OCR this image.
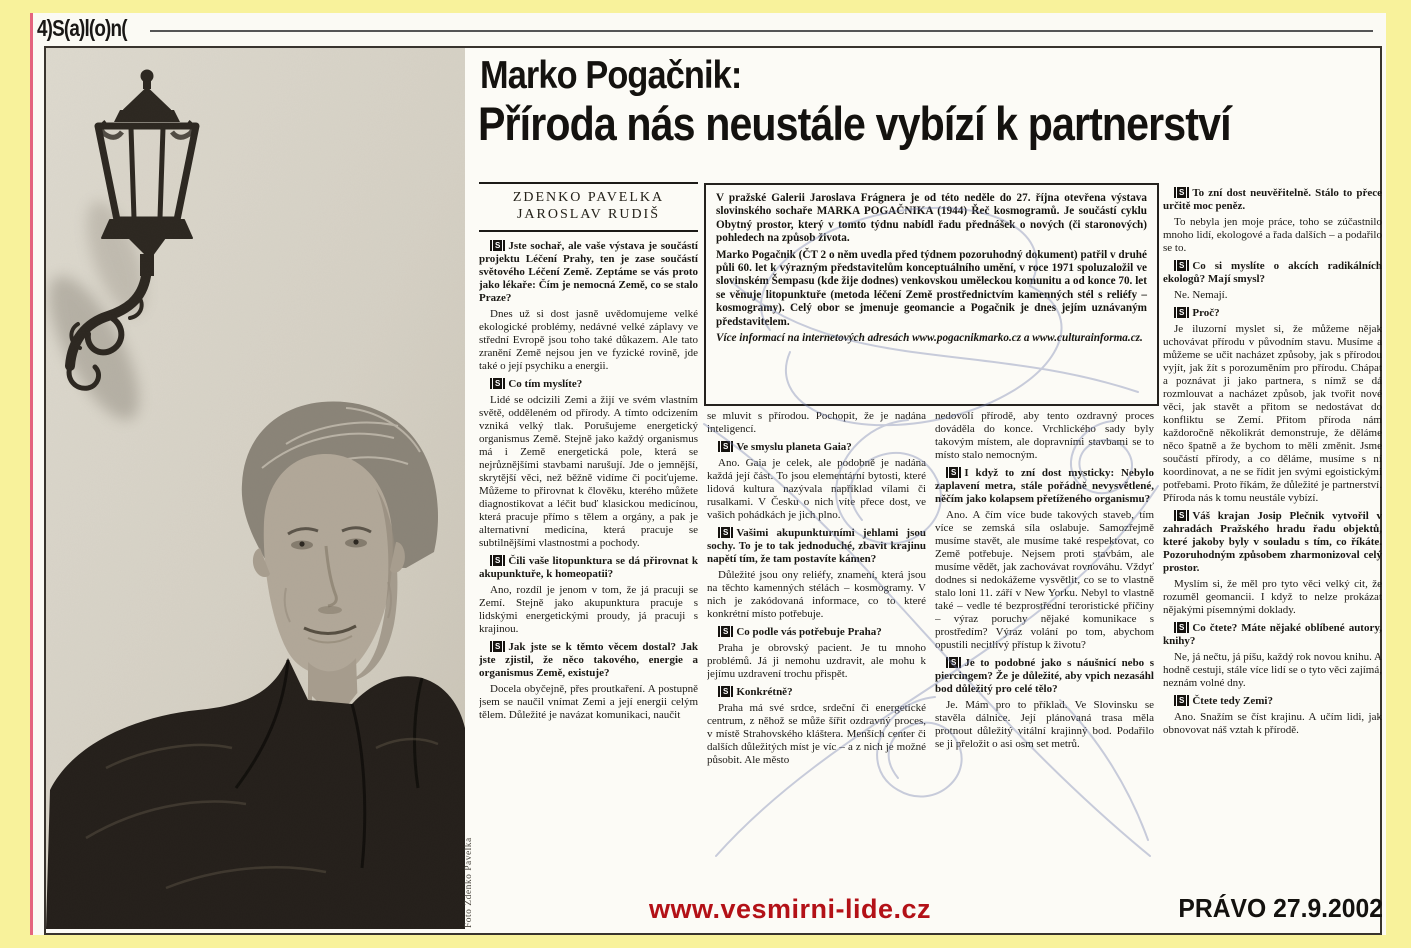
4)S(a)l(o)n(
Foto Zdenko Pavelka
Marko Pogačnik:
Příroda nás neustále vybízí k partnerství
ZDENKO PAVELKA
JAROSLAV RUDIŠ

S Jste sochař, ale vaše výstava je součástí projektu Léčení Prahy, ten je zase součástí světového Léčení Země. Zeptáme se vás proto jako lékaře: Čím je nemocná Země, co se stalo Praze?

Dnes už si dost jasně uvědomujeme velké ekologické problémy, nedávné velké záplavy ve střední Evropě jsou toho také důkazem. Ale tato zranění Země nejsou jen ve fyzické rovině, jde také o její psychiku a energii.

S Co tím myslíte?

Lidé se odcizili Zemi a žijí ve svém vlastním světě, odděleném od přírody. A tímto odcizením vzniká velký tlak. Porušujeme energetický organismus Země. Stejně jako každý organismus má i Země energetická pole, která se nejrůznějšími stavbami narušují. Jde o jemnější, skrytější věci, než běžně vidíme či pociťujeme. Můžeme to přirovnat k člověku, kterého můžete diagnostikovat a léčit buď klasickou medicínou, která pracuje přímo s tělem a orgány, a pak je alternativní medicína, která pracuje se subtilnějšími vlastnostmi a pochody.

S Čili vaše litopunktura se dá přirovnat k akupunktuře, k homeopatii?

Ano, rozdíl je jenom v tom, že já pracuji se Zemí. Stejně jako akupunktura pracuje s lidskými energetickými proudy, já pracuji s krajinou.

S Jak jste se k těmto věcem dostal? Jak jste zjistil, že něco takového, energie a organismus Země, existuje?

Docela obyčejně, přes proutkaření. A postupně jsem se naučil vnímat Zemi a její energii celým tělem. Důležité je navázat komunikaci, naučit

V pražské Galerii Jaroslava Frágnera je od této neděle do 27. října otevřena výstava slovinského sochaře MARKA POGAČNIKA (1944) Řeč kosmogramů. Je součástí cyklu Obytný prostor, který v tomto týdnu nabídl řadu přednášek o nových (či staronových) pohledech na způsob života.

Marko Pogačnik (ČT 2 o něm uvedla před týdnem pozoruhodný dokument) patřil v druhé půli 60. let k výrazným představitelům konceptuálního umění, v roce 1971 spoluzaložil ve slovinském Šempasu (kde žije dodnes) venkovskou uměleckou komunitu a od konce 70. let se věnuje litopunktuře (metoda léčení Země prostřednictvím kamenných stél s reliéfy – kosmogramy). Celý obor se jmenuje geomancie a Pogačnik je dnes jejím uznávaným představitelem.

Více informací na internetových adresách www.pogacnikmarko.cz a www.culturainforma.cz.

se mluvit s přírodou. Pochopit, že je nadána inteligencí.

S Ve smyslu planeta Gaia?

Ano. Gaia je celek, ale podobně je nadána každá její část. To jsou elementární bytosti, které lidová kultura nazývala například vílami či rusalkami. V Česku o nich víte přece dost, ve vašich pohádkách je jich plno.

S Vašimi akupunkturními jehlami jsou sochy. To je to tak jednoduché, zbavit krajinu napětí tím, že tam postavíte kámen?

Důležité jsou ony reliéfy, znamení, která jsou na těchto kamenných stélách – kosmogramy. V nich je zakódovaná informace, co to které konkrétní místo potřebuje.

S Co podle vás potřebuje Praha?

Praha je obrovský pacient. Je tu mnoho problémů. Já ji nemohu uzdravit, ale mohu k jejímu uzdravení trochu přispět.

S Konkrétně?

Praha má své srdce, srdeční či energetické centrum, z něhož se může šířit ozdravný proces, v místě Strahovského kláštera. Menších center či dalších důležitých míst je víc – a z nich je možné působit. Ale město

nedovolí přírodě, aby tento ozdravný proces dováděla do konce. Vrchlického sady byly takovým místem, ale dopravními stavbami se to místo stalo nemocným.

S I když to zní dost mysticky: Nebylo zaplavení metra, stále pořádně nevysvětlené, něčím jako kolapsem přetíženého organismu?

Ano. A čím více bude takových staveb, tím více se zemská síla oslabuje. Samozřejmě musíme stavět, ale musíme také respektovat, co Země potřebuje. Nejsem proti stavbám, ale musíme vědět, jak zachovávat rovnováhu. Vždyť dodnes si nedokážeme vysvětlit, co se to vlastně stalo loni 11. září v New Yorku. Nebyl to vlastně také – vedle té bezprostřední teroristické příčiny – výraz poruchy nějaké komunikace s prostředím? Výraz volání po tom, abychom opustili necitlivý přístup k životu?

S Je to podobné jako s náušnicí nebo s piercingem? Že je důležité, aby vpich nezasáhl bod důležitý pro celé tělo?

Je. Mám pro to příklad. Ve Slovinsku se stavěla dálnice. Její plánovaná trasa měla protnout důležitý vitální krajinný bod. Podařilo se ji přeložit o asi osm set metrů.

S To zní dost neuvěřitelně. Stálo to přece určitě moc peněz.

To nebyla jen moje práce, toho se zúčastnilo mnoho lidí, ekologové a řada dalších – a podařilo se to.

S Co si myslíte o akcích radikálních ekologů? Mají smysl?

Ne. Nemají.

S Proč?

Je iluzorní myslet si, že můžeme nějak uchovávat přírodu v původním stavu. Musíme a můžeme se učit nacházet způsoby, jak s přírodou vyjít, jak žít s porozuměním pro přírodu. Chápat a poznávat ji jako partnera, s nímž se dá rozmlouvat a nacházet způsob, jak tvořit nové věci, jak stavět a přitom se nedostávat do konfliktu se Zemí. Přitom příroda nám každoročně několikrát demonstruje, že děláme něco špatně a že bychom to měli změnit. Jsme součástí přírody, a co děláme, musíme s ní koordinovat, a ne se řídit jen svými egoistickými potřebami. Proto říkám, že důležité je partnerství. Příroda nás k tomu neustále vybízí.

S Váš krajan Josip Plečnik vytvořil v zahradách Pražského hradu řadu objektů, které jakoby byly v souladu s tím, co říkáte. Pozoruhodným způsobem zharmonizoval celý prostor.

Myslím si, že měl pro tyto věci velký cit, že rozuměl geomancii. I když to nelze prokázat nějakými písemnými doklady.

S Co čtete? Máte nějaké oblíbené autory, knihy?

Ne, já nečtu, já píšu, každý rok novou knihu. A hodně cestuji, stále více lidí se o tyto věci zajímá, neznám volné dny.

S Čtete tedy Zemi?

Ano. Snažím se číst krajinu. A učím lidi, jak obnovovat náš vztah k přírodě.

www.vesmirni-lide.cz	PRÁVO 27.9.2002
